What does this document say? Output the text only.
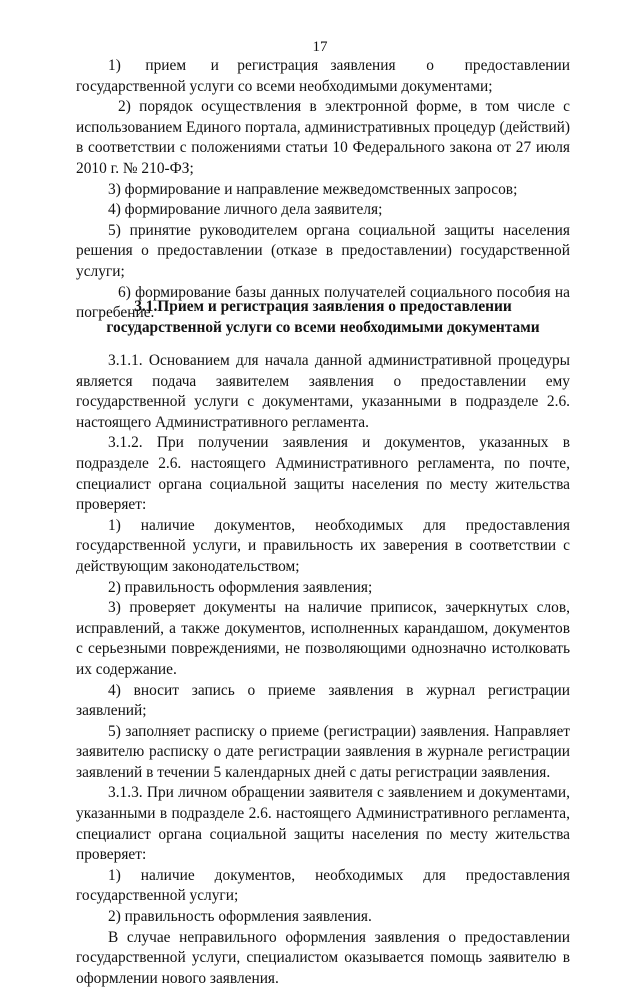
17

1)    прием    и   регистрация  заявления     о     предоставлении государственной услуги со всеми необходимыми документами;

2) порядок осуществления в электронной форме, в том числе с использованием Единого портала, административных процедур (действий) в соответствии с положениями статьи 10 Федерального закона от 27 июля 2010 г. № 210-ФЗ;

3) формирование и направление межведомственных запросов;

4) формирование личного дела заявителя;

5) принятие руководителем органа социальной защиты населения решения о предоставлении (отказе в предоставлении) государственной услуги;

6) формирование базы данных получателей социального пособия на погребение.

3.1.Прием и регистрация заявления о предоставлении
государственной услуги со всеми необходимыми документами

3.1.1. Основанием для начала данной административной процедуры является подача заявителем заявления о предоставлении ему государственной услуги с документами, указанными в подразделе 2.6. настоящего Административного регламента.

3.1.2. При получении заявления и документов, указанных в подразделе 2.6. настоящего Административного регламента, по почте, специалист органа социальной защиты населения по месту жительства проверяет:

1) наличие документов, необходимых для предоставления государственной услуги, и правильность их заверения в соответствии с действующим законодательством;

2) правильность оформления заявления;

3) проверяет документы на наличие приписок, зачеркнутых слов, исправлений, а также документов, исполненных карандашом, документов с серьезными повреждениями, не позволяющими однозначно истолковать их содержание.

4) вносит запись о приеме заявления в журнал регистрации заявлений;

5) заполняет расписку о приеме (регистрации) заявления. Направляет заявителю расписку о дате регистрации заявления в журнале регистрации заявлений в течении 5 календарных дней с даты регистрации заявления.

3.1.3. При личном обращении заявителя с заявлением и документами, указанными в подразделе 2.6. настоящего Административного регламента, специалист органа социальной защиты населения по месту жительства проверяет:

1) наличие документов, необходимых для предоставления государственной услуги;

2) правильность оформления заявления.

В случае неправильного оформления заявления о предоставлении государственной услуги, специалистом оказывается помощь заявителю в оформлении нового заявления.
